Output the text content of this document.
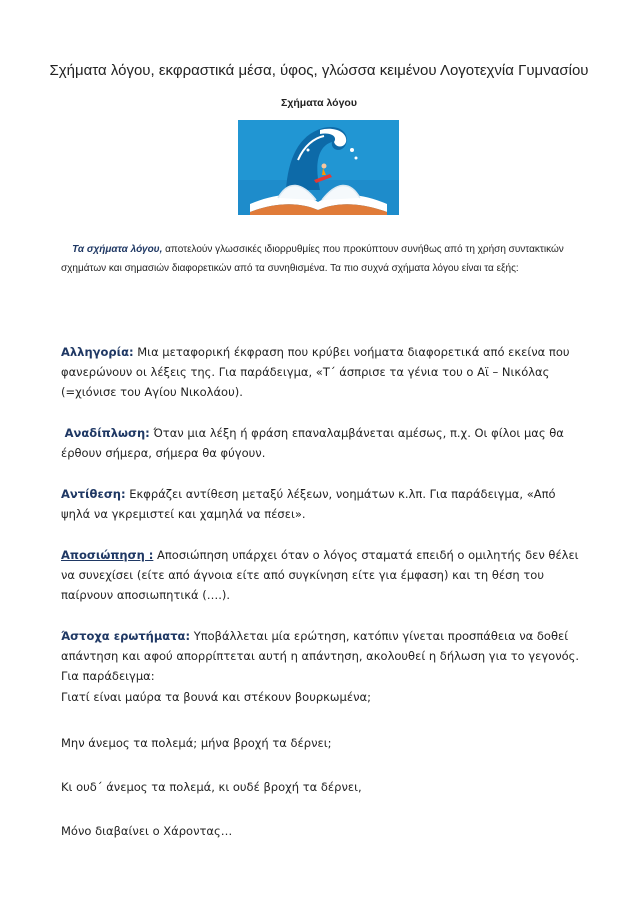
Σχήματα λόγου, εκφραστικά μέσα, ύφος, γλώσσα κειμένου Λογοτεχνία Γυμνασίου
Σχήματα λόγου
Τα σχήματα λόγου, αποτελούν γλωσσικές ιδιορρυθμίες που προκύπτουν συνήθως από τη χρήση συντακτικών σχημάτων και σημασιών διαφορετικών από τα συνηθισμένα. Τα πιο συχνά σχήματα λόγου είναι τα εξής:
Αλληγορία: Μια μεταφορική έκφραση που κρύβει νοήματα διαφορετικά από εκείνα που φανερώνουν οι λέξεις της. Για παράδειγμα, «Τ΄ άσπρισε τα γένια του ο Αϊ – Νικόλας (=χιόνισε του Αγίου Νικολάου).
Αναδίπλωση: Όταν μια λέξη ή φράση επαναλαμβάνεται αμέσως, π.χ. Οι φίλοι μας θα έρθουν σήμερα, σήμερα θα φύγουν.
Αντίθεση: Εκφράζει αντίθεση μεταξύ λέξεων, νοημάτων κ.λπ. Για παράδειγμα, «Από ψηλά να γκρεμιστεί και χαμηλά να πέσει».
Αποσιώπηση : Αποσιώπηση υπάρχει όταν ο λόγος σταματά επειδή ο ομιλητής δεν θέλει να συνεχίσει (είτε από άγνοια είτε από συγκίνηση είτε για έμφαση) και τη θέση του παίρνουν αποσιωπητικά (….).
Άστοχα ερωτήματα: Υποβάλλεται μία ερώτηση, κατόπιν γίνεται προσπάθεια να δοθεί απάντηση και αφού απορρίπτεται αυτή η απάντηση, ακολουθεί η δήλωση για το γεγονός. Για παράδειγμα:
Γιατί είναι μαύρα τα βουνά και στέκουν βουρκωμένα;
Μην άνεμος τα πολεμά; μήνα βροχή τα δέρνει;
Κι ουδ΄ άνεμος τα πολεμά, κι ουδέ βροχή τα δέρνει,
Μόνο διαβαίνει ο Χάροντας…
